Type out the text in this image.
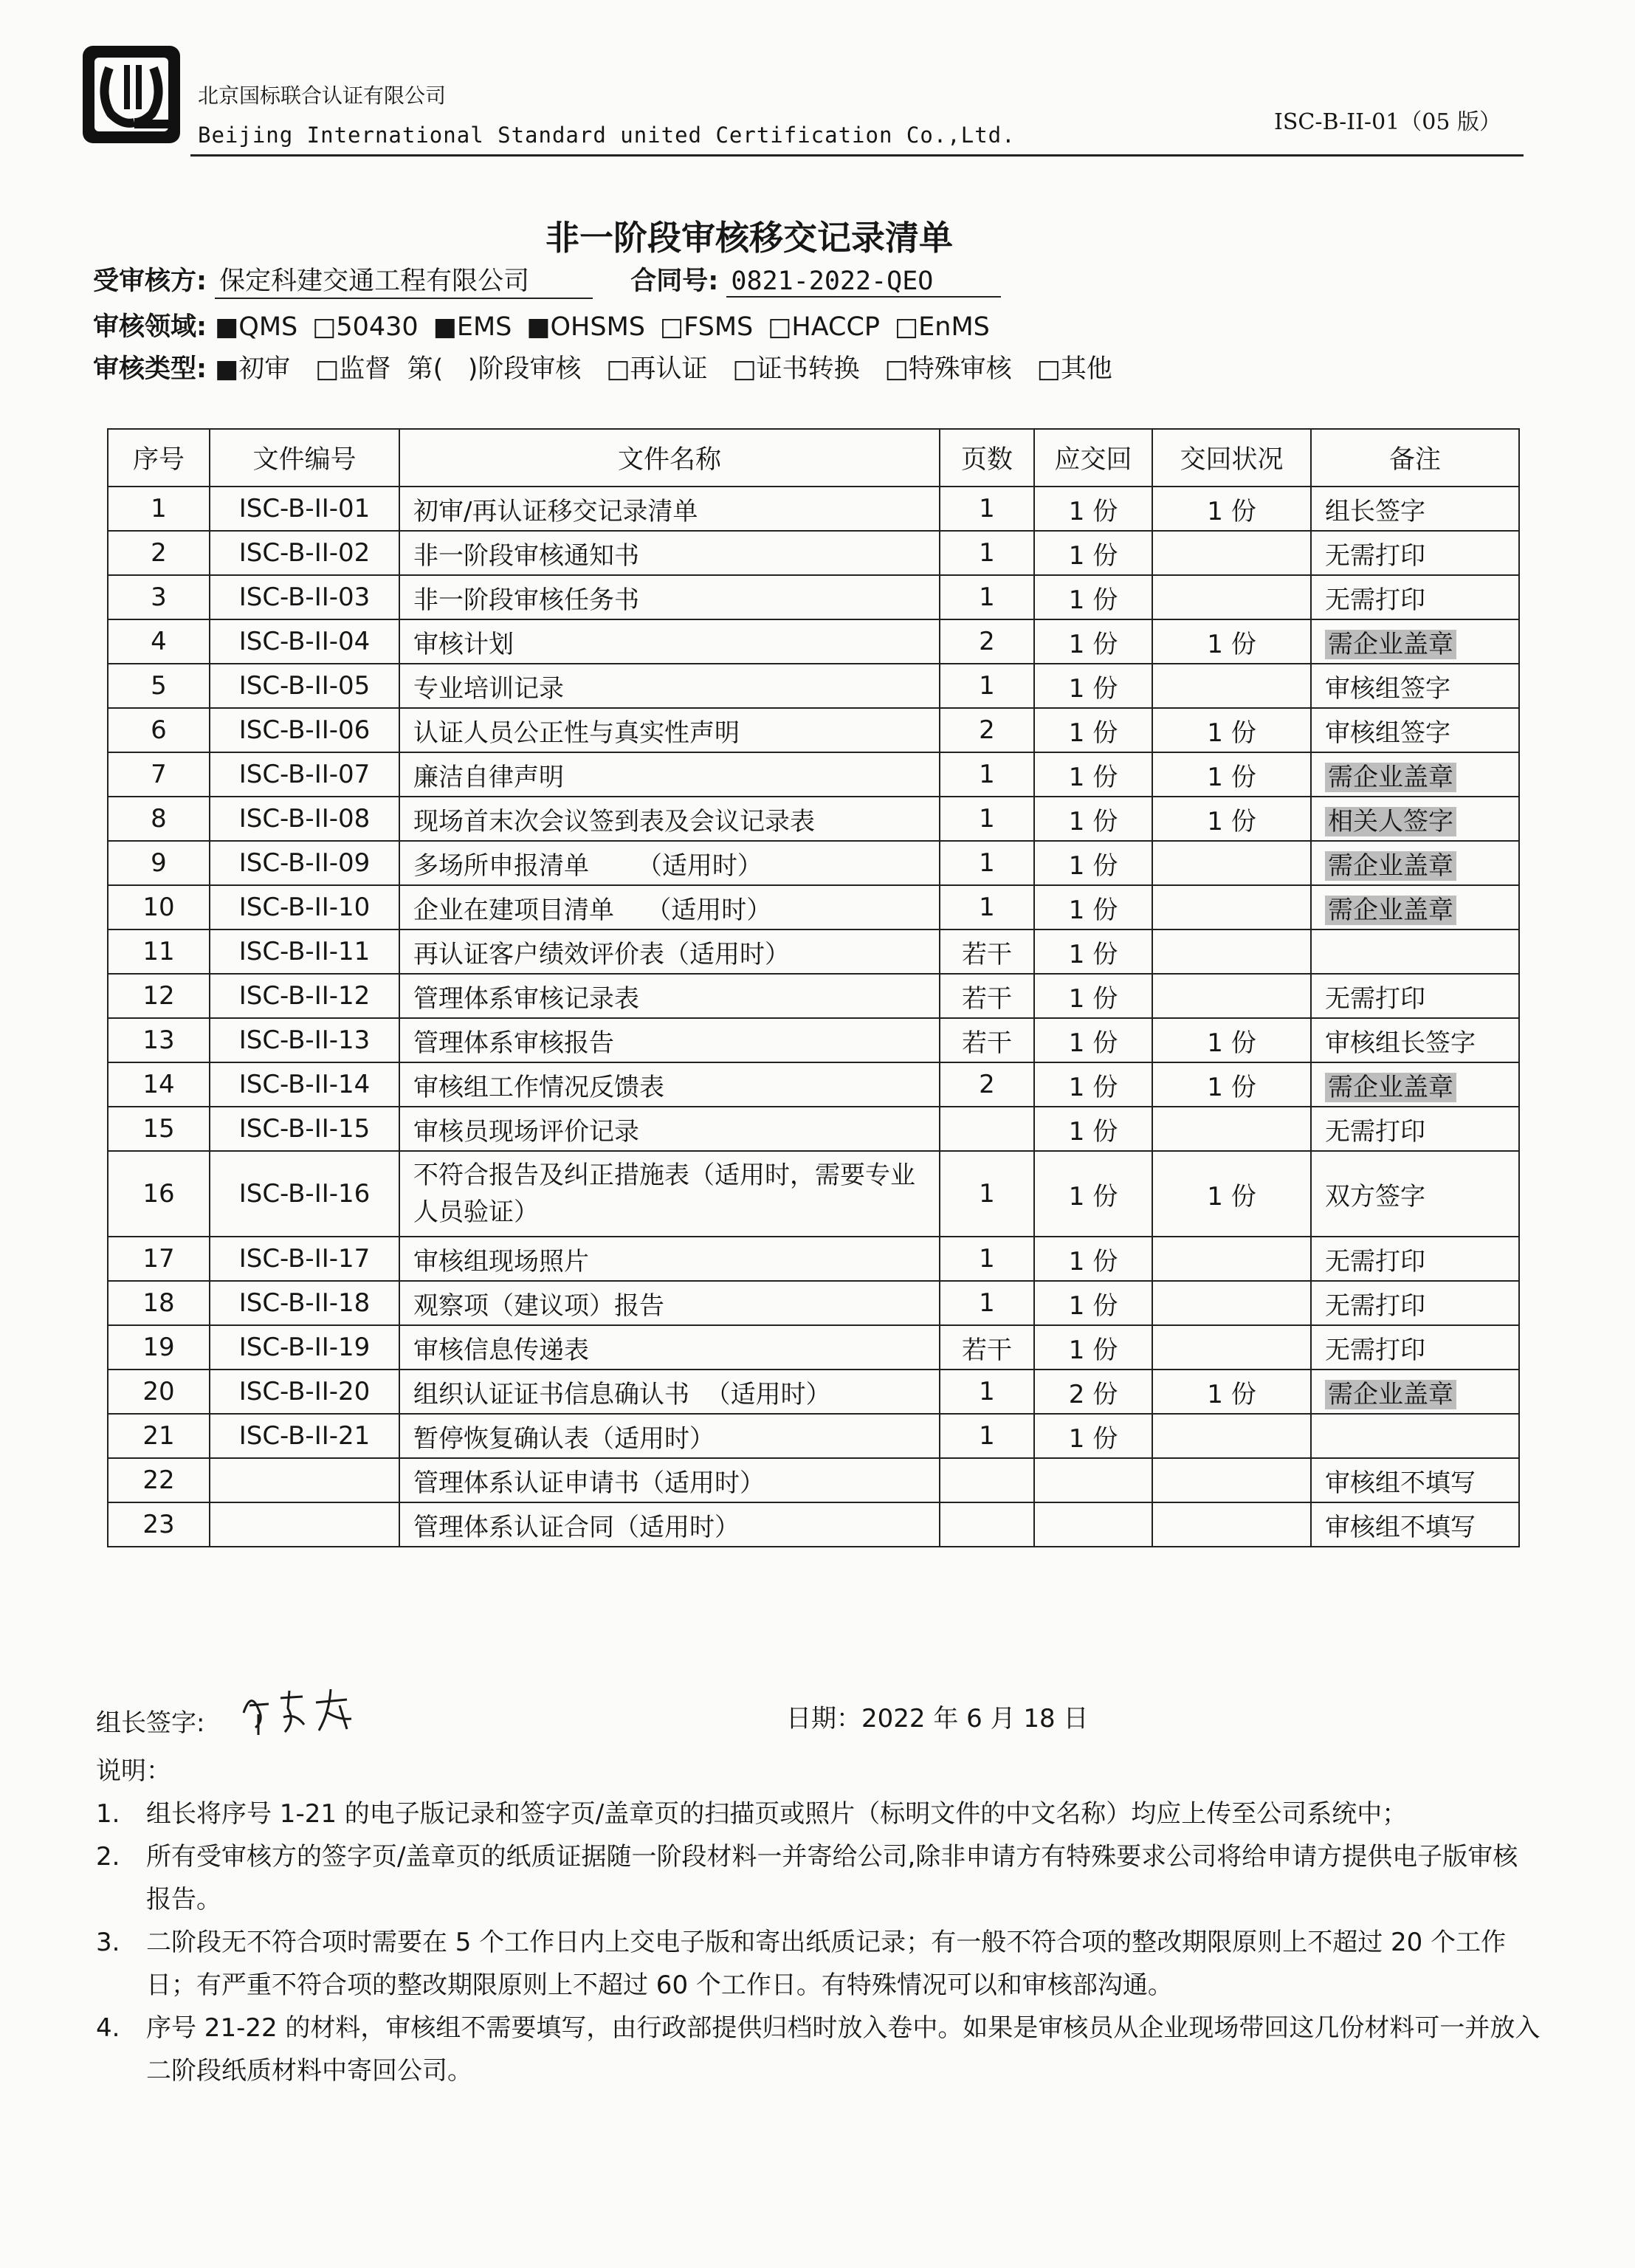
北京国标联合认证有限公司
Beijing International Standard united Certification Co.,Ltd.	ISC-B-II-01（05 版）
非一阶段审核移交记录清单
受审核方: 保定科建交通工程有限公司	合同号: 0821-2022-QEO
审核领域: ■QMS □50430 ■EMS ■OHSMS □FSMS □HACCP □EnMS
审核类型: ■初审 □监督  第(   )阶段审核 □再认证 □证书转换 □特殊审核 □其他
序号	文件编号	文件名称	页数	应交回	交回状况	备注
1	ISC-B-II-01	初审/再认证移交记录清单	1	1 份	1 份	组长签字
2	ISC-B-II-02	非一阶段审核通知书	1	1 份		无需打印
3	ISC-B-II-03	非一阶段审核任务书	1	1 份		无需打印
4	ISC-B-II-04	审核计划	2	1 份	1 份	需企业盖章
5	ISC-B-II-05	专业培训记录	1	1 份		审核组签字
6	ISC-B-II-06	认证人员公正性与真实性声明	2	1 份	1 份	审核组签字
7	ISC-B-II-07	廉洁自律声明	1	1 份	1 份	需企业盖章
8	ISC-B-II-08	现场首末次会议签到表及会议记录表	1	1 份	1 份	相关人签字
9	ISC-B-II-09	多场所申报清单      （适用时）	1	1 份		需企业盖章
10	ISC-B-II-10	企业在建项目清单    （适用时）	1	1 份		需企业盖章
11	ISC-B-II-11	再认证客户绩效评价表（适用时）	若干	1 份		
12	ISC-B-II-12	管理体系审核记录表	若干	1 份		无需打印
13	ISC-B-II-13	管理体系审核报告	若干	1 份	1 份	审核组长签字
14	ISC-B-II-14	审核组工作情况反馈表	2	1 份	1 份	需企业盖章
15	ISC-B-II-15	审核员现场评价记录		1 份		无需打印
16	ISC-B-II-16	不符合报告及纠正措施表（适用时，需要专业人员验证）	1	1 份	1 份	双方签字
17	ISC-B-II-17	审核组现场照片	1	1 份		无需打印
18	ISC-B-II-18	观察项（建议项）报告	1	1 份		无需打印
19	ISC-B-II-19	审核信息传递表	若干	1 份		无需打印
20	ISC-B-II-20	组织认证证书信息确认书  （适用时）	1	2 份	1 份	需企业盖章
21	ISC-B-II-21	暂停恢复确认表（适用时）	1	1 份		
22		管理体系认证申请书（适用时）				审核组不填写
23		管理体系认证合同（适用时）				审核组不填写
组长签字:	日期：2022 年 6 月 18 日
说明：
1.	组长将序号 1-21 的电子版记录和签字页/盖章页的扫描页或照片（标明文件的中文名称）均应上传至公司系统中；
2.	所有受审核方的签字页/盖章页的纸质证据随一阶段材料一并寄给公司,除非申请方有特殊要求公司将给申请方提供电子版审核报告。
3.	二阶段无不符合项时需要在 5 个工作日内上交电子版和寄出纸质记录；有一般不符合项的整改期限原则上不超过 20 个工作日；有严重不符合项的整改期限原则上不超过 60 个工作日。有特殊情况可以和审核部沟通。
4.	序号 21-22 的材料，审核组不需要填写，由行政部提供归档时放入卷中。如果是审核员从企业现场带回这几份材料可一并放入二阶段纸质材料中寄回公司。
